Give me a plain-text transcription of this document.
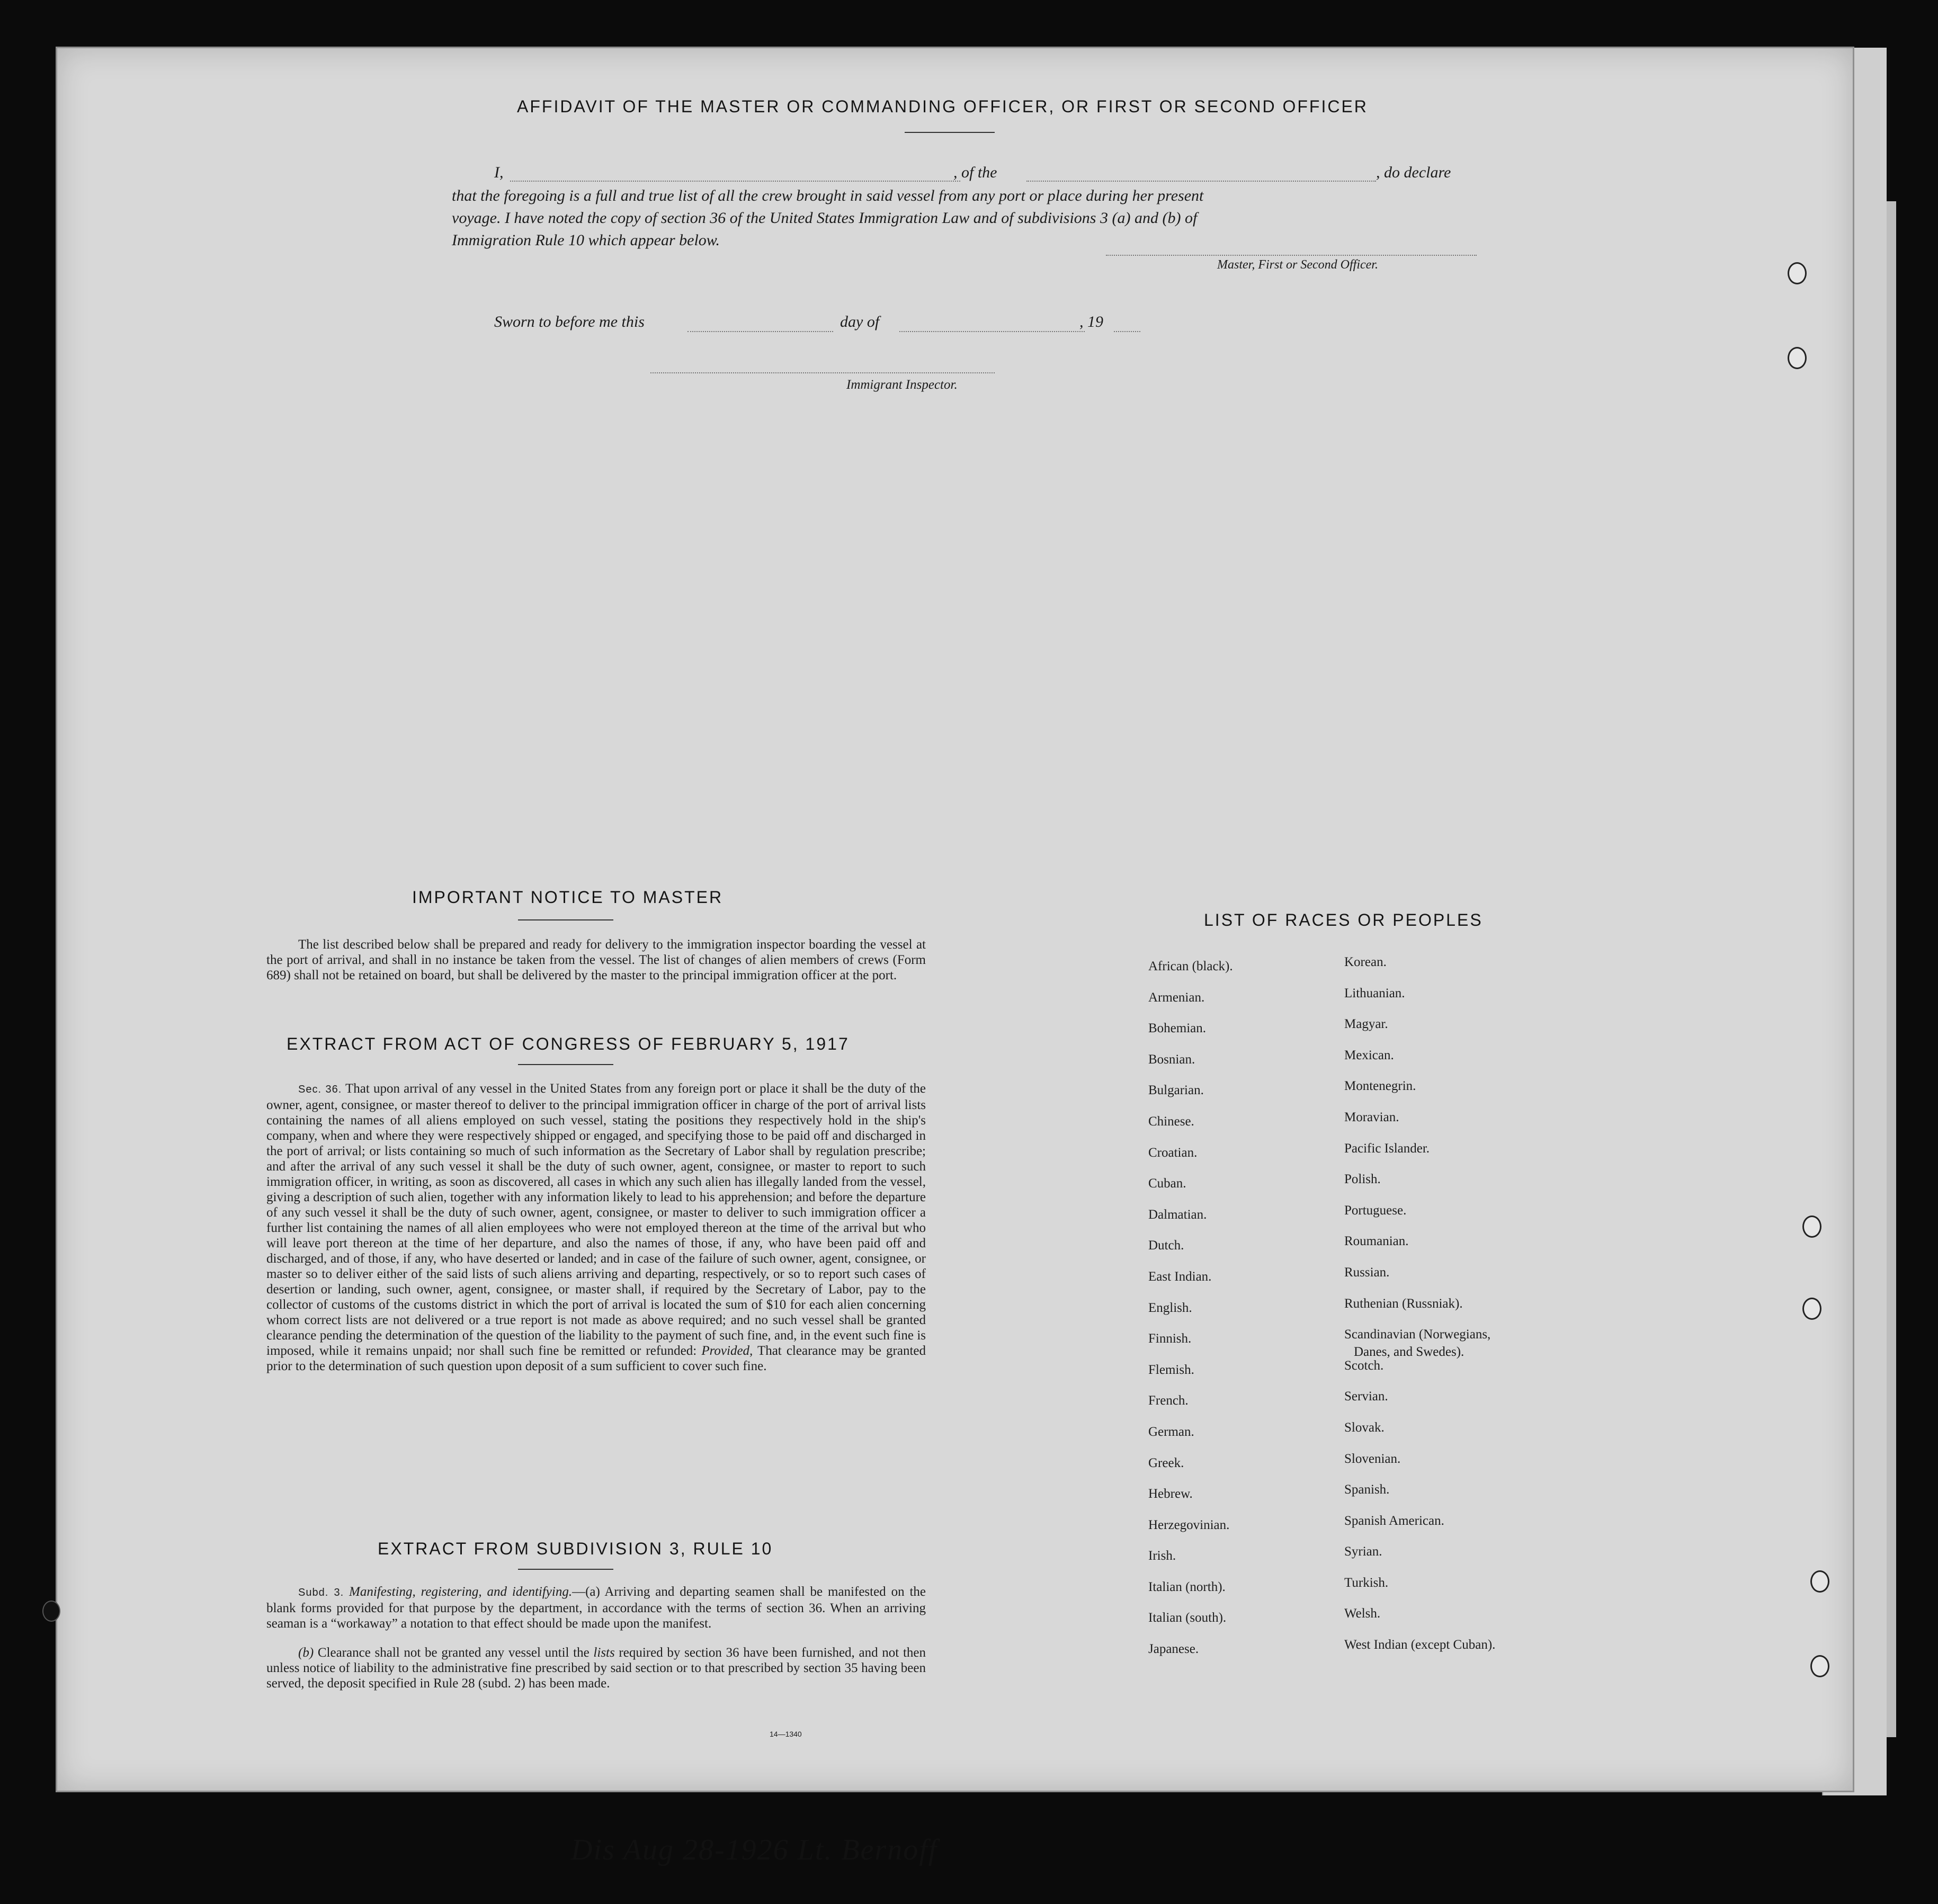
AFFIDAVIT OF THE MASTER OR COMMANDING OFFICER, OR FIRST OR SECOND OFFICER
I,	, of the	, do declare
that the foregoing is a full and true list of all the crew brought in said vessel from any port or place during her present
voyage. I have noted the copy of section 36 of the United States Immigration Law and of subdivisions 3 (a) and (b) of
Immigration Rule 10 which appear below.
Master, First or Second Officer.
Sworn to before me this	day of	, 19
Immigrant Inspector.
IMPORTANT NOTICE TO MASTER

The list described below shall be prepared and ready for delivery to the immigration inspector boarding the vessel at the port of arrival, and shall in no instance be taken from the vessel. The list of changes of alien members of crews (Form 689) shall not be retained on board, but shall be delivered by the master to the principal immigration officer at the port.

EXTRACT FROM ACT OF CONGRESS OF FEBRUARY 5, 1917

Sec. 36. That upon arrival of any vessel in the United States from any foreign port or place it shall be the duty of the owner, agent, consignee, or master thereof to deliver to the principal immigration officer in charge of the port of arrival lists containing the names of all aliens employed on such vessel, stating the positions they respectively hold in the ship's company, when and where they were respectively shipped or engaged, and specifying those to be paid off and discharged in the port of arrival; or lists containing so much of such information as the Secretary of Labor shall by regulation prescribe; and after the arrival of any such vessel it shall be the duty of such owner, agent, consignee, or master to report to such immigration officer, in writing, as soon as discovered, all cases in which any such alien has illegally landed from the vessel, giving a description of such alien, together with any information likely to lead to his apprehension; and before the departure of any such vessel it shall be the duty of such owner, agent, consignee, or master to deliver to such immigration officer a further list containing the names of all alien employees who were not employed thereon at the time of the arrival but who will leave port thereon at the time of her departure, and also the names of those, if any, who have been paid off and discharged, and of those, if any, who have deserted or landed; and in case of the failure of such owner, agent, consignee, or master so to deliver either of the said lists of such aliens arriving and departing, respectively, or so to report such cases of desertion or landing, such owner, agent, consignee, or master shall, if required by the Secretary of Labor, pay to the collector of customs of the customs district in which the port of arrival is located the sum of $10 for each alien concerning whom correct lists are not delivered or a true report is not made as above required; and no such vessel shall be granted clearance pending the determination of the question of the liability to the payment of such fine, and, in the event such fine is imposed, while it remains unpaid; nor shall such fine be remitted or refunded: Provided, That clearance may be granted prior to the determination of such question upon deposit of a sum sufficient to cover such fine.

EXTRACT FROM SUBDIVISION 3, RULE 10

Subd. 3. Manifesting, registering, and identifying.—(a) Arriving and departing seamen shall be manifested on the blank forms provided for that purpose by the department, in accordance with the terms of section 36. When an arriving seaman is a “workaway” a notation to that effect should be made upon the manifest.

(b) Clearance shall not be granted any vessel until the lists required by section 36 have been furnished, and not then unless notice of liability to the administrative fine prescribed by said section or to that prescribed by section 35 having been served, the deposit specified in Rule 28 (subd. 2) has been made.

14—1340
LIST OF RACES OR PEOPLES
African (black).
Armenian.
Bohemian.
Bosnian.
Bulgarian.
Chinese.
Croatian.
Cuban.
Dalmatian.
Dutch.
East Indian.
English.
Finnish.
Flemish.
French.
German.
Greek.
Hebrew.
Herzegovinian.
Irish.
Italian (north).
Italian (south).
Japanese.
Korean.
Lithuanian.
Magyar.
Mexican.
Montenegrin.
Moravian.
Pacific Islander.
Polish.
Portuguese.
Roumanian.
Russian.
Ruthenian (Russniak).
Scandinavian (Norwegians,
Scotch.
Servian.
Slovak.
Slovenian.
Spanish.
Spanish American.
Syrian.
Turkish.
Welsh.
West Indian (except Cuban).
Danes, and Swedes).
Dis Aug 28-1926 Lt. Bernoff
